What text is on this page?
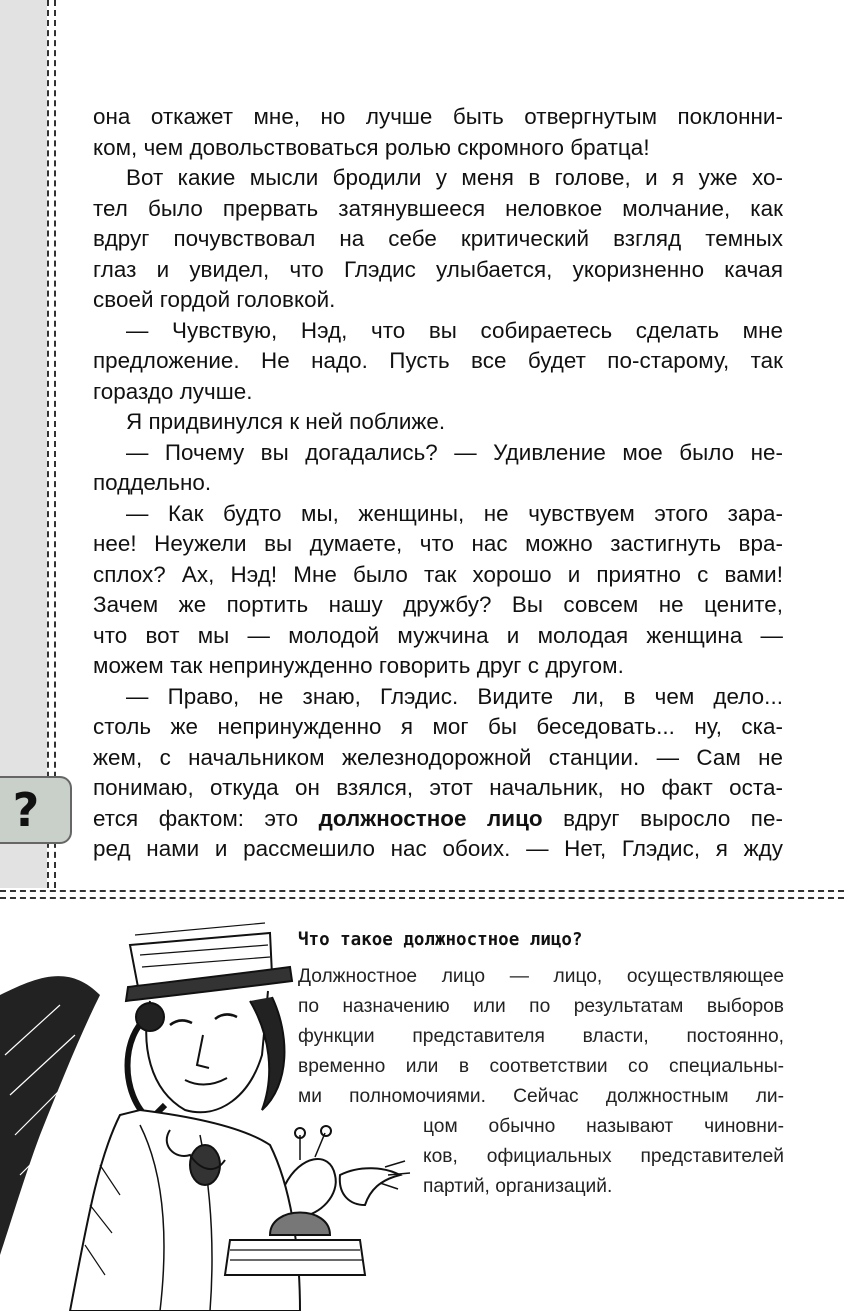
?

она откажет мне, но лучше быть отвергнутым поклонни-

ком, чем довольствоваться ролью скромного братца!

Вот какие мысли бродили у меня в голове, и я уже хо-

тел было прервать затянувшееся неловкое молчание, как

вдруг почувствовал на себе критический взгляд темных

глаз и увидел, что Глэдис улыбается, укоризненно качая

своей гордой головкой.

— Чувствую, Нэд, что вы собираетесь сделать мне

предложение. Не надо. Пусть все будет по-старому, так

гораздо лучше.

Я придвинулся к ней поближе.

— Почему вы догадались? — Удивление мое было не-

поддельно.

— Как будто мы, женщины, не чувствуем этого зара-

нее! Неужели вы думаете, что нас можно застигнуть вра-

сплох? Ах, Нэд! Мне было так хорошо и приятно с вами!

Зачем же портить нашу дружбу? Вы совсем не цените,

что вот мы — молодой мужчина и молодая женщина —

можем так непринужденно говорить друг с другом.

— Право, не знаю, Глэдис. Видите ли, в чем дело...

столь же непринужденно я мог бы беседовать... ну, ска-

жем, с начальником железнодорожной станции. — Сам не

понимаю, откуда он взялся, этот начальник, но факт оста-

ется фактом: это должностное лицо вдруг выросло пе-

ред нами и рассмешило нас обоих. — Нет, Глэдис, я жду

Что такое должностное лицо?

Должностное лицо — лицо, осуществляющее

по назначению или по результатам выборов

функции представителя власти, постоянно,

временно или в соответствии со специальны-

ми полномочиями. Сейчас должностным ли-

цом обычно называют чиновни-

ков, официальных представителей

партий, организаций.
